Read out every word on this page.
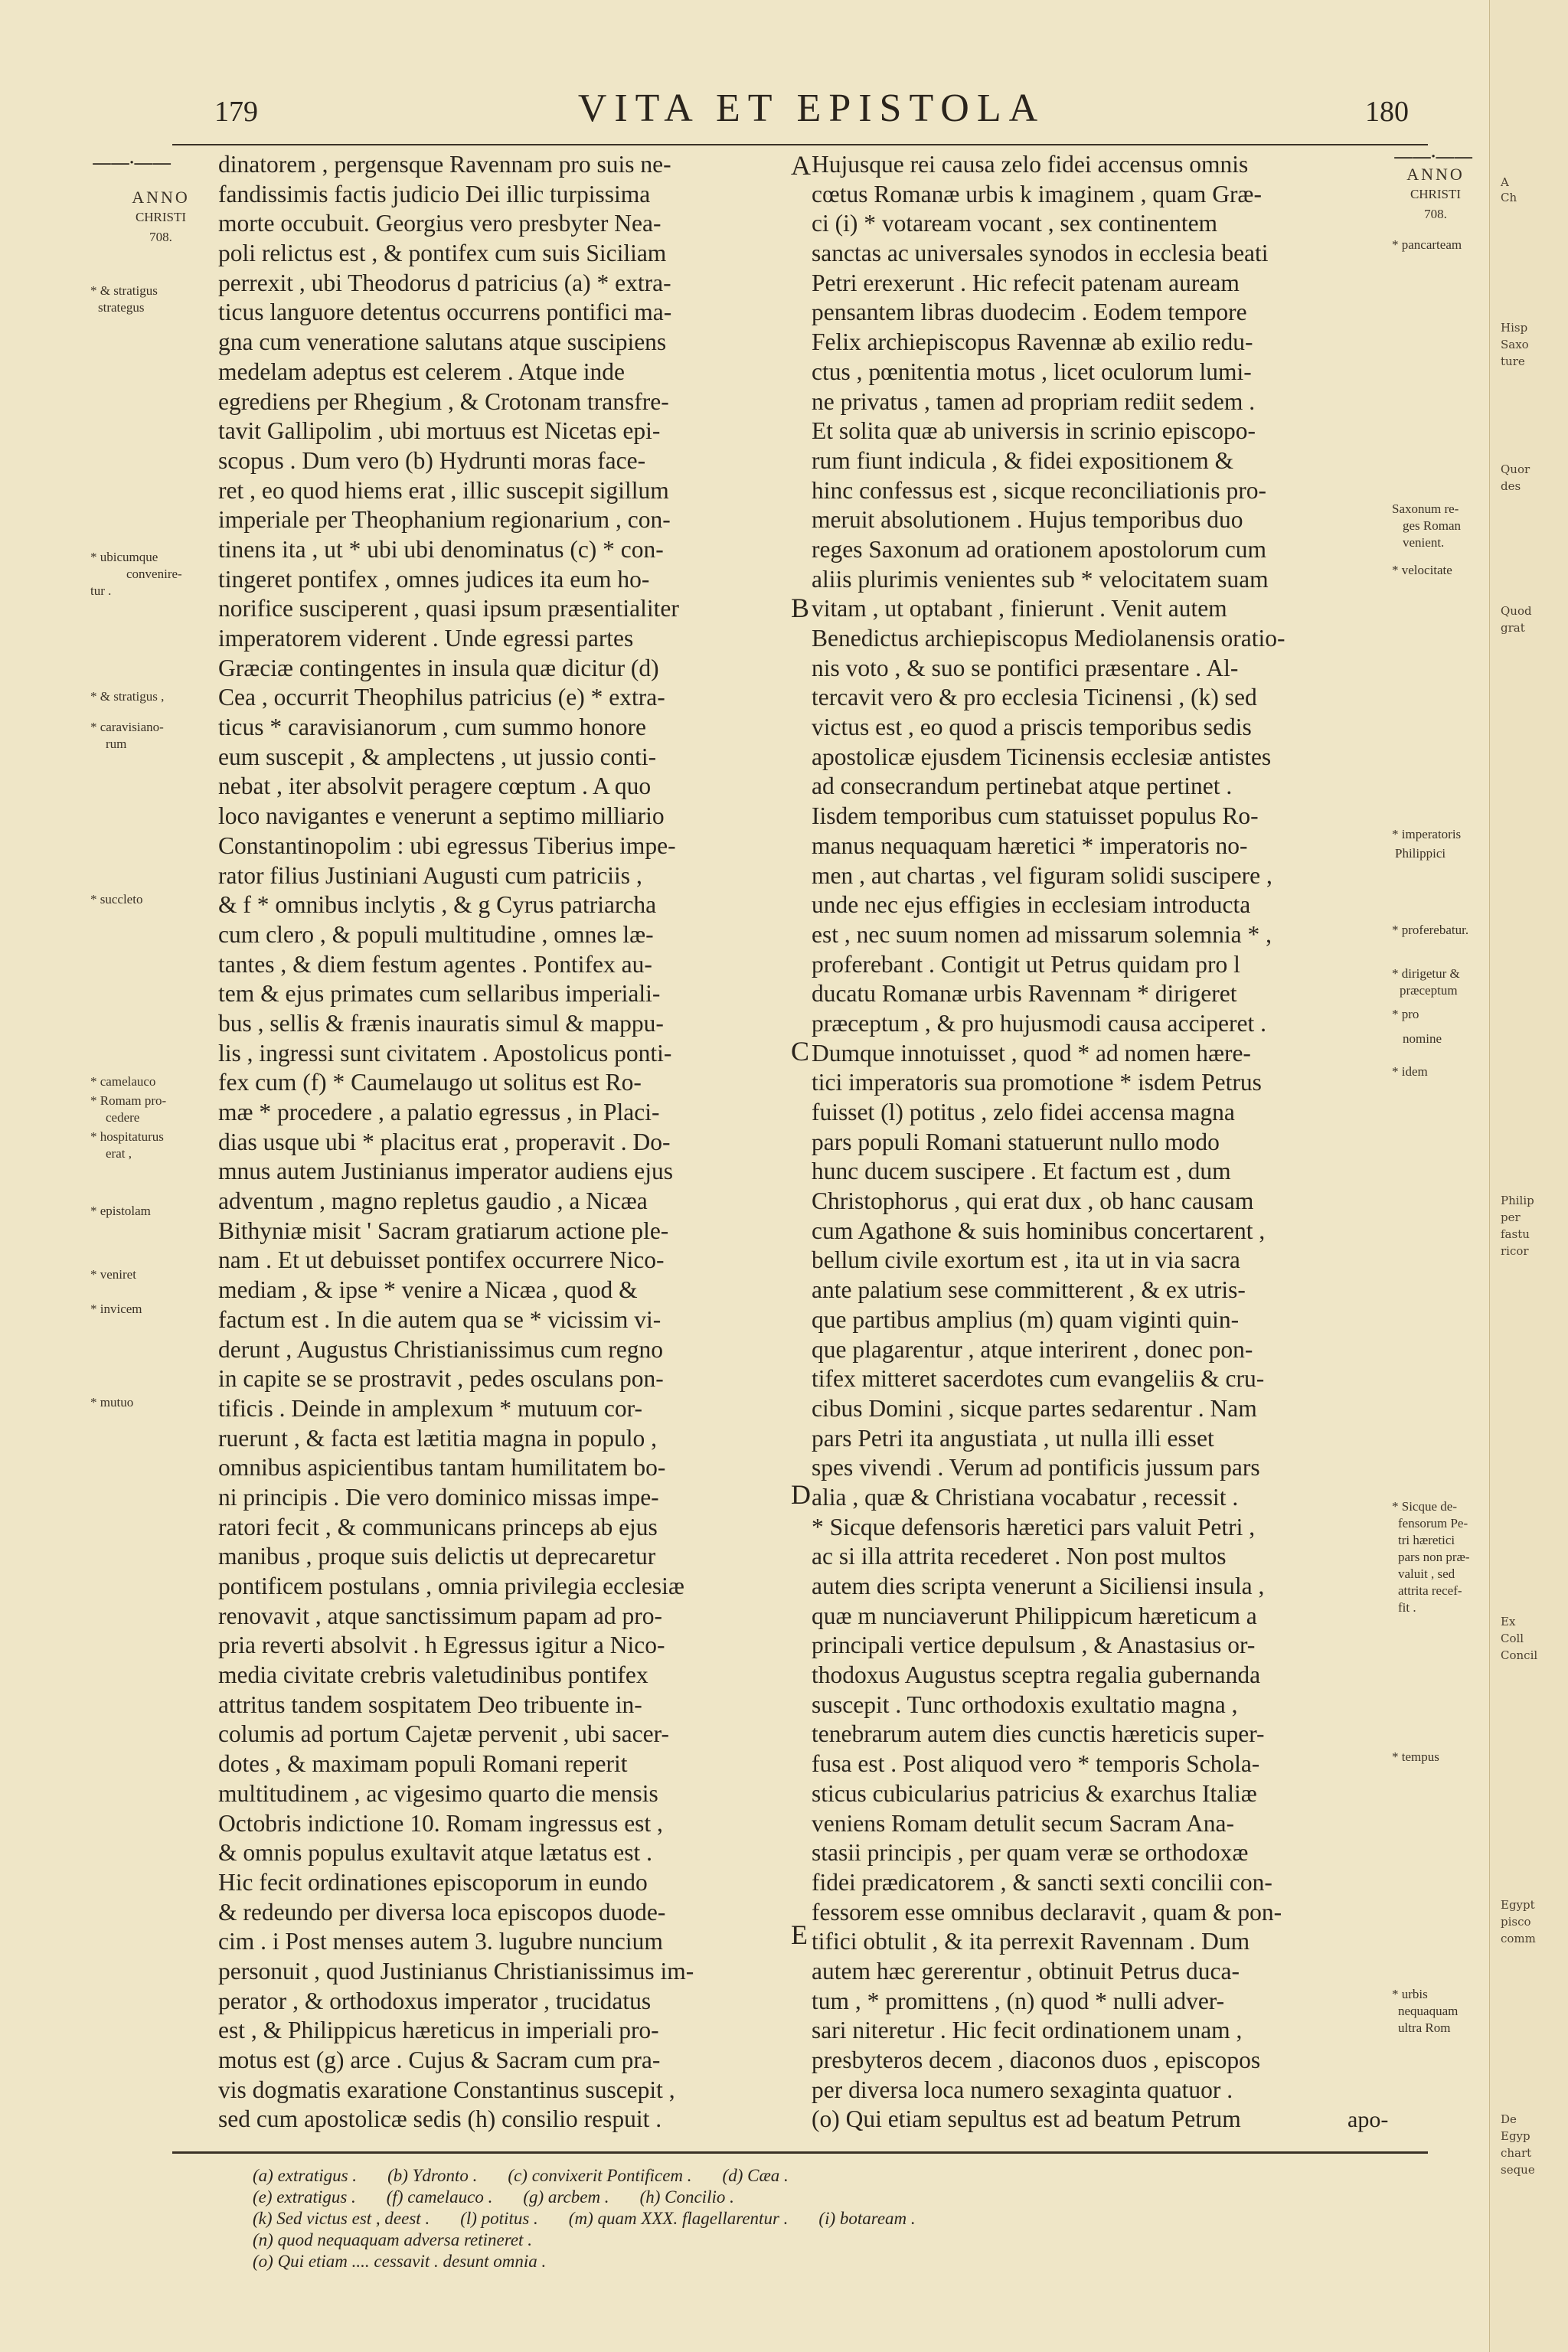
179	VITA ET EPISTOLA	180
ANNO
CHRISTI
708.
ANNO
CHRISTI
708.
——·——	——·——
A
B
C
D
E
dinatorem , pergensque Ravennam pro suis ne-
fandissimis factis judicio Dei illic turpissima
morte occubuit. Georgius vero presbyter Nea-
poli relictus est , & pontifex cum suis Siciliam
perrexit , ubi Theodorus d patricius (a) * extra-
ticus languore detentus occurrens pontifici ma-
gna cum veneratione salutans atque suscipiens
medelam adeptus est celerem . Atque inde
egrediens per Rhegium , & Crotonam transfre-
tavit Gallipolim , ubi mortuus est Nicetas epi-
scopus . Dum vero (b) Hydrunti moras face-
ret , eo quod hiems erat , illic suscepit sigillum
imperiale per Theophanium regionarium , con-
tinens ita , ut * ubi ubi denominatus (c) * con-
tingeret pontifex , omnes judices ita eum ho-
norifice susciperent , quasi ipsum præsentialiter
imperatorem viderent . Unde egressi partes
Græciæ contingentes in insula quæ dicitur (d)
Cea , occurrit Theophilus patricius (e) * extra-
ticus * caravisianorum , cum summo honore
eum suscepit , & amplectens , ut jussio conti-
nebat , iter absolvit peragere cœptum . A quo
loco navigantes e venerunt a septimo milliario
Constantinopolim : ubi egressus Tiberius impe-
rator filius Justiniani Augusti cum patriciis ,
& f * omnibus inclytis , & g Cyrus patriarcha
cum clero , & populi multitudine , omnes læ-
tantes , & diem festum agentes . Pontifex au-
tem & ejus primates cum sellaribus imperiali-
bus , sellis & frænis inauratis simul & mappu-
lis , ingressi sunt civitatem . Apostolicus ponti-
fex cum (f) * Caumelaugo ut solitus est Ro-
mæ * procedere , a palatio egressus , in Placi-
dias usque ubi * placitus erat , properavit . Do-
mnus autem Justinianus imperator audiens ejus
adventum , magno repletus gaudio , a Nicæa
Bithyniæ misit ' Sacram gratiarum actione ple-
nam . Et ut debuisset pontifex occurrere Nico-
mediam , & ipse * venire a Nicæa , quod &
factum est . In die autem qua se * vicissim vi-
derunt , Augustus Christianissimus cum regno
in capite se se prostravit , pedes osculans pon-
tificis . Deinde in amplexum * mutuum cor-
ruerunt , & facta est lætitia magna in populo ,
omnibus aspicientibus tantam humilitatem bo-
ni principis . Die vero dominico missas impe-
ratori fecit , & communicans princeps ab ejus
manibus , proque suis delictis ut deprecaretur
pontificem postulans , omnia privilegia ecclesiæ
renovavit , atque sanctissimum papam ad pro-
pria reverti absolvit . h Egressus igitur a Nico-
media civitate crebris valetudinibus pontifex
attritus tandem sospitatem Deo tribuente in-
columis ad portum Cajetæ pervenit , ubi sacer-
dotes , & maximam populi Romani reperit
multitudinem , ac vigesimo quarto die mensis
Octobris indictione 10. Romam ingressus est ,
& omnis populus exultavit atque lætatus est .
Hic fecit ordinationes episcoporum in eundo
& redeundo per diversa loca episcopos duode-
cim . i Post menses autem 3. lugubre nuncium
personuit , quod Justinianus Christianissimus im-
perator , & orthodoxus imperator , trucidatus
est , & Philippicus hæreticus in imperiali pro-
motus est (g) arce . Cujus & Sacram cum pra-
vis dogmatis exaratione Constantinus suscepit ,
sed cum apostolicæ sedis (h) consilio respuit .
Hujusque rei causa zelo fidei accensus omnis
cœtus Romanæ urbis k imaginem , quam Græ-
ci (i) * votaream vocant , sex continentem
sanctas ac universales synodos in ecclesia beati
Petri erexerunt . Hic refecit patenam auream
pensantem libras duodecim . Eodem tempore
Felix archiepiscopus Ravennæ ab exilio redu-
ctus , pœnitentia motus , licet oculorum lumi-
ne privatus , tamen ad propriam rediit sedem .
Et solita quæ ab universis in scrinio episcopo-
rum fiunt indicula , & fidei expositionem &
hinc confessus est , sicque reconciliationis pro-
meruit absolutionem . Hujus temporibus duo
reges Saxonum ad orationem apostolorum cum
aliis plurimis venientes sub * velocitatem suam
vitam , ut optabant , finierunt . Venit autem
Benedictus archiepiscopus Mediolanensis oratio-
nis voto , & suo se pontifici præsentare . Al-
tercavit vero & pro ecclesia Ticinensi , (k) sed
victus est , eo quod a priscis temporibus sedis
apostolicæ ejusdem Ticinensis ecclesiæ antistes
ad consecrandum pertinebat atque pertinet .
Iisdem temporibus cum statuisset populus Ro-
manus nequaquam hæretici * imperatoris no-
men , aut chartas , vel figuram solidi suscipere ,
unde nec ejus effigies in ecclesiam introducta
est , nec suum nomen ad missarum solemnia * ,
proferebant . Contigit ut Petrus quidam pro l
ducatu Romanæ urbis Ravennam * dirigeret
præceptum , & pro hujusmodi causa acciperet .
Dumque innotuisset , quod * ad nomen hære-
tici imperatoris sua promotione * isdem Petrus
fuisset (l) potitus , zelo fidei accensa magna
pars populi Romani statuerunt nullo modo
hunc ducem suscipere . Et factum est , dum
Christophorus , qui erat dux , ob hanc causam
cum Agathone & suis hominibus concertarent ,
bellum civile exortum est , ita ut in via sacra
ante palatium sese committerent , & ex utris-
que partibus amplius (m) quam viginti quin-
que plagarentur , atque interirent , donec pon-
tifex mitteret sacerdotes cum evangeliis & cru-
cibus Domini , sicque partes sedarentur . Nam
pars Petri ita angustiata , ut nulla illi esset
spes vivendi . Verum ad pontificis jussum pars
alia , quæ & Christiana vocabatur , recessit .
* Sicque defensoris hæretici pars valuit Petri ,
ac si illa attrita recederet . Non post multos
autem dies scripta venerunt a Siciliensi insula ,
quæ m nunciaverunt Philippicum hæreticum a
principali vertice depulsum , & Anastasius or-
thodoxus Augustus sceptra regalia gubernanda
suscepit . Tunc orthodoxis exultatio magna ,
tenebrarum autem dies cunctis hæreticis super-
fusa est . Post aliquod vero * temporis Schola-
sticus cubicularius patricius & exarchus Italiæ
veniens Romam detulit secum Sacram Ana-
stasii principis , per quam veræ se orthodoxæ
fidei prædicatorem , & sancti sexti concilii con-
fessorem esse omnibus declaravit , quam & pon-
tifici obtulit , & ita perrexit Ravennam . Dum
autem hæc gererentur , obtinuit Petrus duca-
tum , * promittens , (n) quod * nulli adver-
sari niteretur . Hic fecit ordinationem unam ,
presbyteros decem , diaconos duos , episcopos
per diversa loca numero sexaginta quatuor .
(o) Qui etiam sepultus est ad beatum Petrum
* & stratigus
strategus
* ubicumque
convenire-
tur .
* & stratigus ,
* caravisiano-
rum
* succleto
* camelauco
* Romam pro-
cedere
* hospitaturus
erat ,
* epistolam
* veniret
* invicem
* mutuo
* pancarteam
Saxonum re-
ges Roman
venient.
* velocitate
* imperatoris
Philippici
* proferebatur.
* dirigetur &
præceptum
* pro
nomine
* idem
* Sicque de-
fensorum Pe-
tri hæretici
pars non præ-
valuit , sed
attrita recef-
fit .
* tempus
* urbis
nequaquam
ultra Rom
A
Ch
Hisp
Saxo
ture
Quor
des
Quod
grat
Philip
per
fastu
ricor
Ex
Coll
Concil
Egypt
pisco
comm
De
Egyp
chart
seque
apo-
(a) extratigus . (b) Ydronto . (c) convixerit Pontificem . (d) Cæa .
(e) extratigus . (f) camelauco . (g) arcbem . (h) Concilio .
(k) Sed victus est , deest . (l) potitus . (m) quam XXX. flagellarentur . (i) botaream .
(n) quod nequaquam adversa retineret .
(o) Qui etiam .... cessavit . desunt omnia .
